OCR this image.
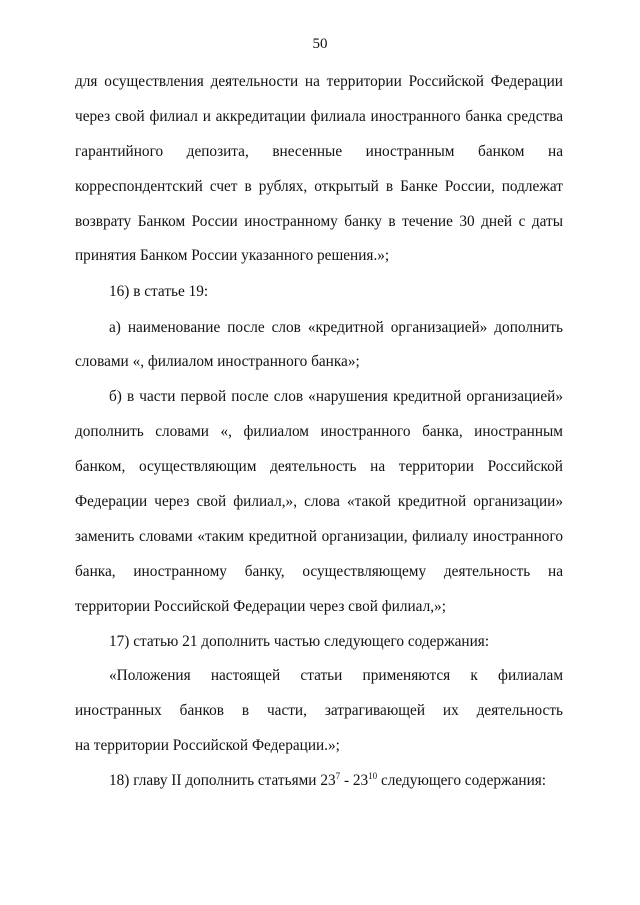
50
для осуществления деятельности на территории Российской Федерации
через свой филиал и аккредитации филиала иностранного банка средства
гарантийного депозита, внесенные иностранным банком на
корреспондентский счет в рублях, открытый в Банке России, подлежат
возврату Банком России иностранному банку в течение 30 дней с даты
принятия Банком России указанного решения.»;
16) в статье 19:
а) наименование после слов «кредитной организацией» дополнить
словами «, филиалом иностранного банка»;
б) в части первой после слов «нарушения кредитной организацией»
дополнить словами «, филиалом иностранного банка, иностранным
банком, осуществляющим деятельность на территории Российской
Федерации через свой филиал,», слова «такой кредитной организации»
заменить словами «таким кредитной организации, филиалу иностранного
банка, иностранному банку, осуществляющему деятельность на
территории Российской Федерации через свой филиал,»;
17) статью 21 дополнить частью следующего содержания:
«Положения настоящей статьи применяются к филиалам
иностранных банков в части, затрагивающей их деятельность
на территории Российской Федерации.»;
18) главу II дополнить статьями $23^7 - 23^{10}$ следующего содержания:
